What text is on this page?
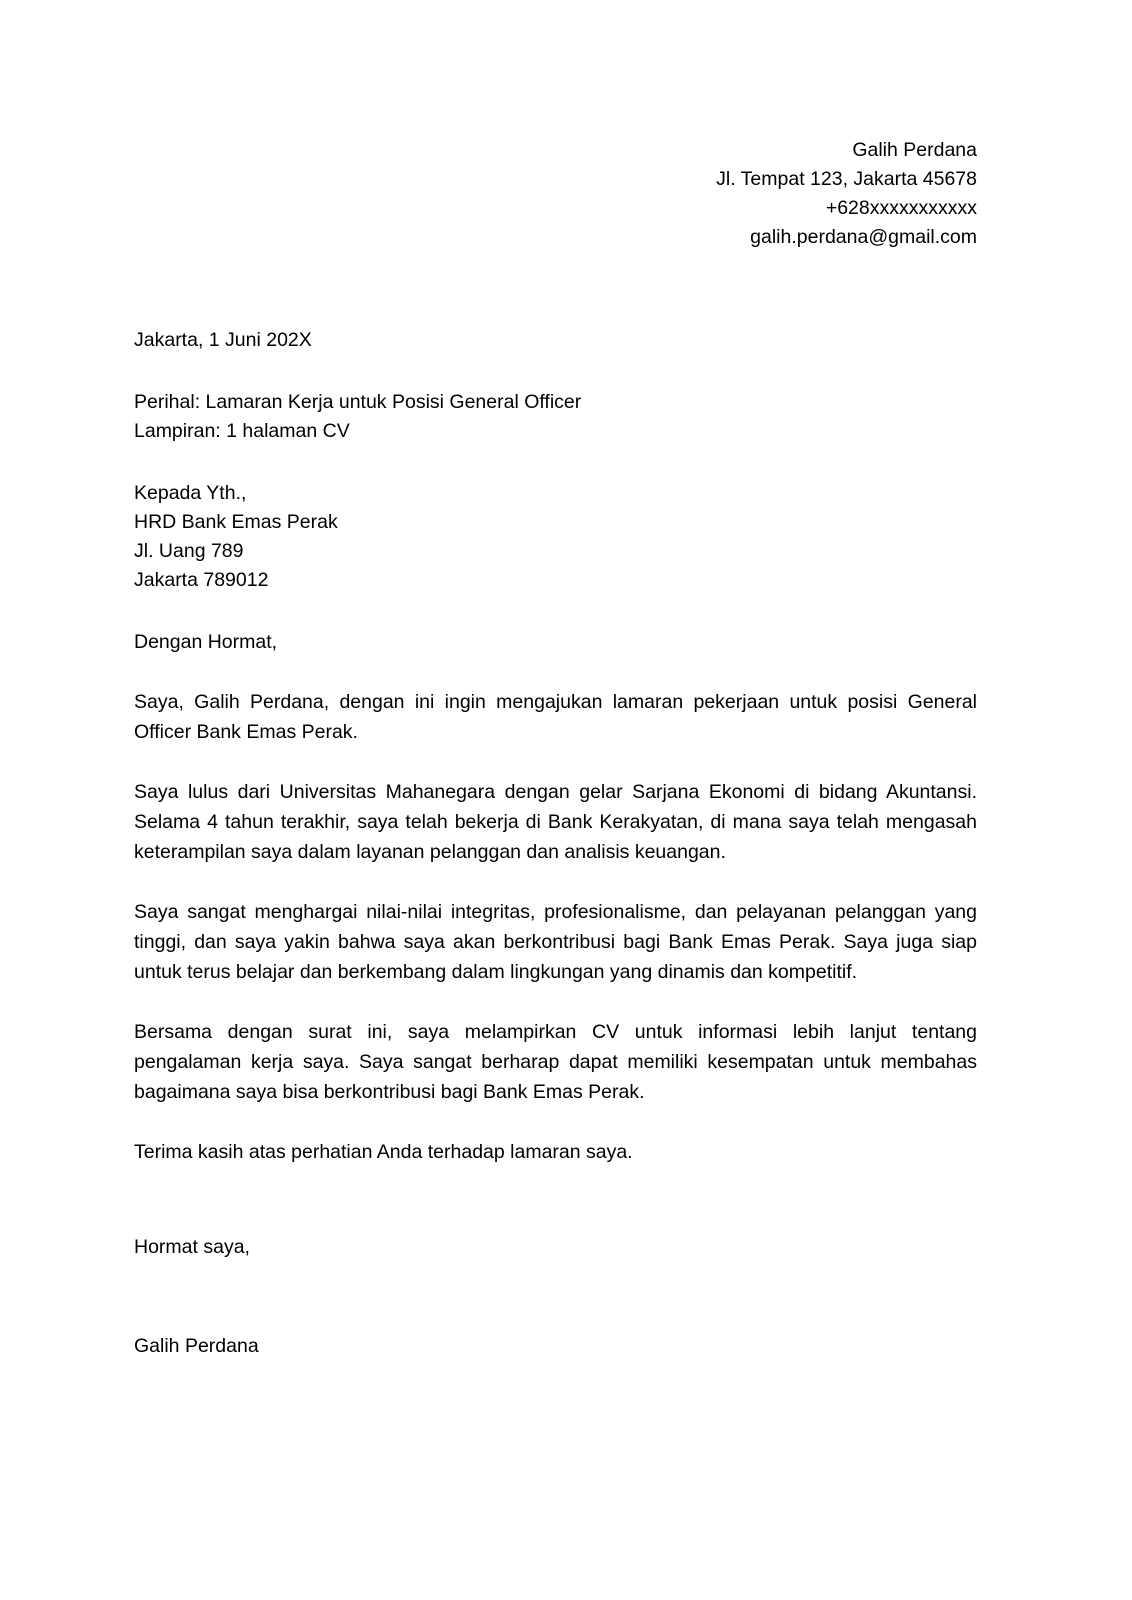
Galih Perdana
Jl. Tempat 123, Jakarta 45678
+628xxxxxxxxxxx
galih.perdana@gmail.com
Jakarta, 1 Juni 202X
Perihal: Lamaran Kerja untuk Posisi General Officer
Lampiran: 1 halaman CV
Kepada Yth.,
HRD Bank Emas Perak
Jl. Uang 789
Jakarta 789012
Dengan Hormat,

Saya, Galih Perdana, dengan ini ingin mengajukan lamaran pekerjaan untuk posisi General Officer Bank Emas Perak.

Saya lulus dari Universitas Mahanegara dengan gelar Sarjana Ekonomi di bidang Akuntansi. Selama 4 tahun terakhir, saya telah bekerja di Bank Kerakyatan, di mana saya telah mengasah keterampilan saya dalam layanan pelanggan dan analisis keuangan.

Saya sangat menghargai nilai-nilai integritas, profesionalisme, dan pelayanan pelanggan yang tinggi, dan saya yakin bahwa saya akan berkontribusi bagi Bank Emas Perak. Saya juga siap untuk terus belajar dan berkembang dalam lingkungan yang dinamis dan kompetitif.

Bersama dengan surat ini, saya melampirkan CV untuk informasi lebih lanjut tentang pengalaman kerja saya. Saya sangat berharap dapat memiliki kesempatan untuk membahas bagaimana saya bisa berkontribusi bagi Bank Emas Perak.

Terima kasih atas perhatian Anda terhadap lamaran saya.

Hormat saya,
Galih Perdana
